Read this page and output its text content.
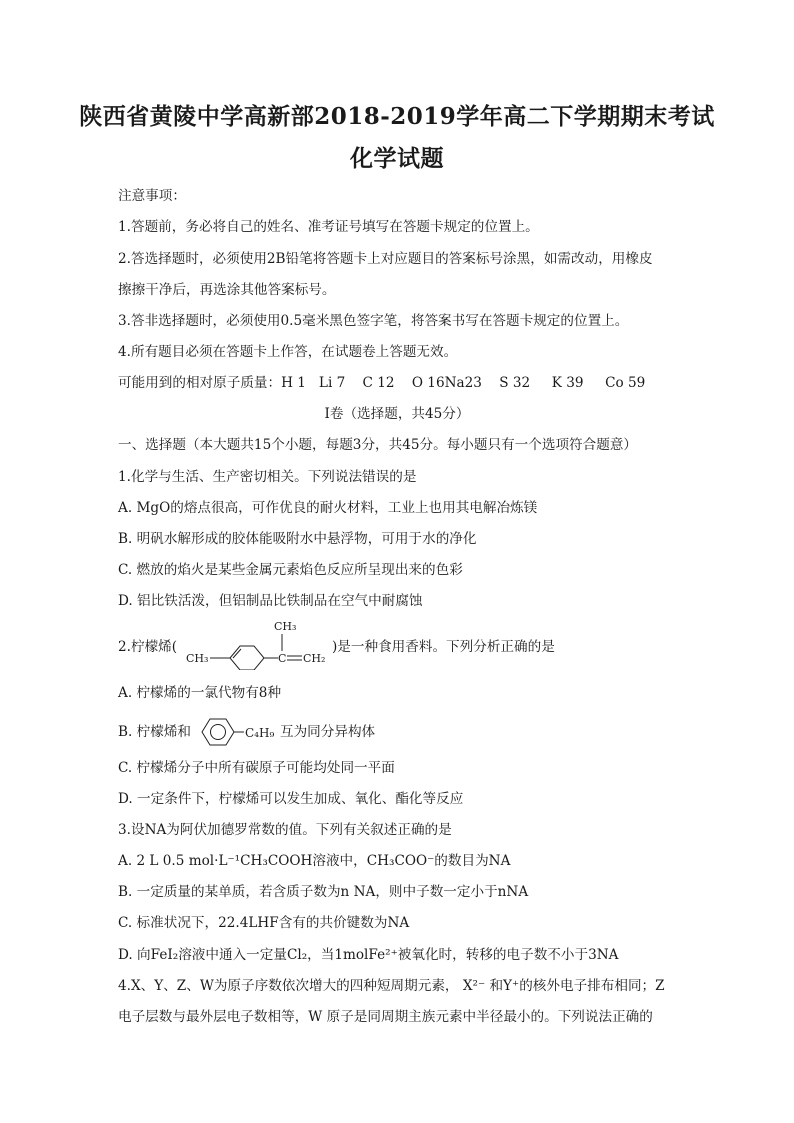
陕西省黄陵中学高新部2018-2019学年高二下学期期末考试
化学试题
注意事项：
1.答题前，务必将自己的姓名、准考证号填写在答题卡规定的位置上。
2.答选择题时，必须使用2B铅笔将答题卡上对应题目的答案标号涂黑，如需改动，用橡皮
擦擦干净后，再选涂其他答案标号。
3.答非选择题时，必须使用0.5毫米黑色签字笔，将答案书写在答题卡规定的位置上。
4.所有题目必须在答题卡上作答，在试题卷上答题无效。
可能用到的相对原子质量：H 1   Li 7    C 12    O 16Na23    S 32     K 39     Co 59
Ⅰ卷（选择题，共45分）
一、选择题（本大题共15个小题，每题3分，共45分。每小题只有一个选项符合题意）
1.化学与生活、生产密切相关。下列说法错误的是
A. MgO的熔点很高，可作优良的耐火材料，工业上也用其电解冶炼镁
B. 明矾水解形成的胶体能吸附水中悬浮物，可用于水的净化
C. 燃放的焰火是某些金属元素焰色反应所呈现出来的色彩
D. 铝比铁活泼，但铝制品比铁制品在空气中耐腐蚀
2.柠檬烯(
CH₃	C
CH₃
CH₂
)是一种食用香料。下列分析正确的是
A. 柠檬烯的一氯代物有8种
B. 柠檬烯和	C₄H₉ 互为同分异构体
C. 柠檬烯分子中所有碳原子可能均处同一平面
D. 一定条件下，柠檬烯可以发生加成、氧化、酯化等反应
3.设NA为阿伏加德罗常数的值。下列有关叙述正确的是
A. 2 L 0.5 mol·L⁻¹CH₃COOH溶液中，CH₃COO⁻的数目为NA
B. 一定质量的某单质，若含质子数为n NA，则中子数一定小于nNA
C. 标准状况下，22.4LHF含有的共价键数为NA
D. 向FeI₂溶液中通入一定量Cl₂，当1molFe²⁺被氧化时，转移的电子数不小于3NA
4.X、Y、Z、W为原子序数依次增大的四种短周期元素， X²⁻ 和Y⁺的核外电子排布相同；Z
电子层数与最外层电子数相等，W 原子是同周期主族元素中半径最小的。下列说法正确的
